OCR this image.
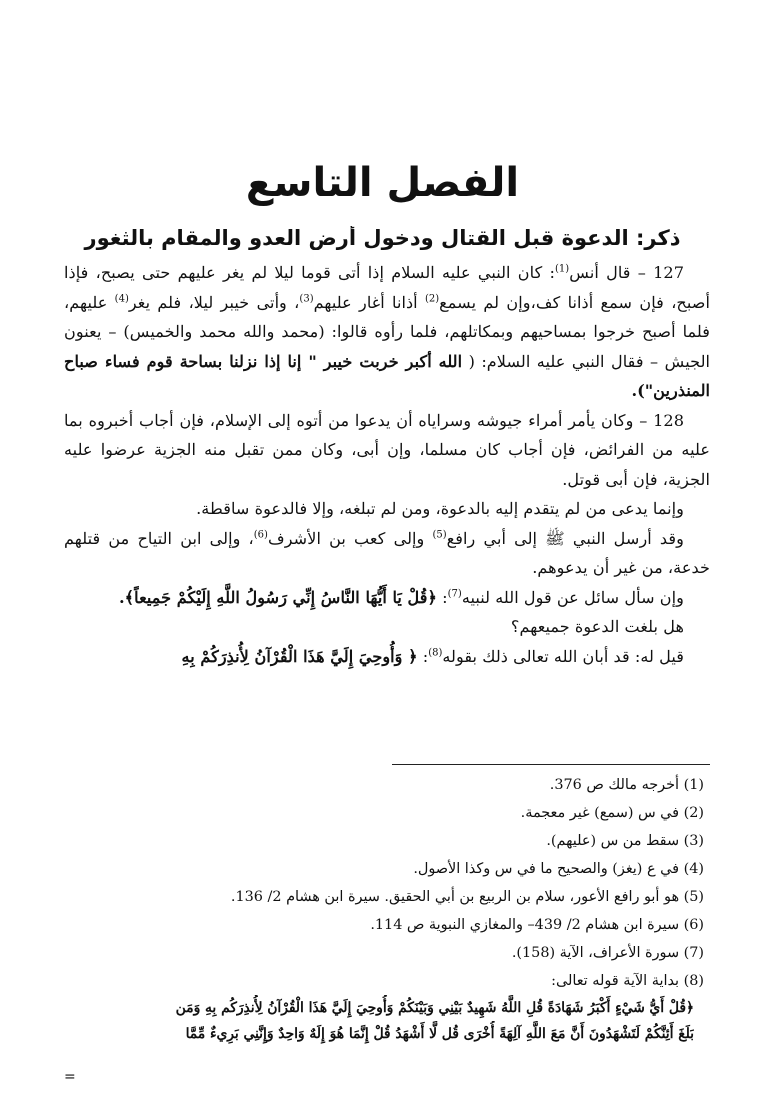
الفصل التاسع
ذكر: الدعوة قبل القتال ودخول أرض العدو والمقام بالثغور

127 – قال أنس$^{(1)}$: كان النبي عليه السلام إذا أتى قوما ليلا لم يغر عليهم حتى يصبح، فإذا أصبح، فإن سمع أذانا كف،وإن لم يسمع$^{(2)}$ أذانا أغار عليهم$^{(3)}$، وأتى خيبر ليلا، فلم يغر$^{(4)}$ عليهم، فلما أصبح خرجوا بمساحيهم وبمكاتلهم، فلما رأوه قالوا: (محمد والله محمد والخميس) – يعنون الجيش – فقال النبي عليه السلام: ( الله أكبر خربت خيبر " إنا إذا نزلنا بساحة قوم فساء صباح المنذرين").

128 – وكان يأمر أمراء جيوشه وسراياه أن يدعوا من أتوه إلى الإسلام، فإن أجاب أخبروه بما عليه من الفرائض، فإن أجاب كان مسلما، وإن أبى، وكان ممن تقبل منه الجزية عرضوا عليه الجزية، فإن أبى قوتل.

وإنما يدعى من لم يتقدم إليه بالدعوة، ومن لم تبلغه، وإلا فالدعوة ساقطة.

وقد أرسل النبي ﷺ إلى أبي رافع$^{(5)}$ وإلى كعب بن الأشرف$^{(6)}$، وإلى ابن التياح من قتلهم خدعة، من غير أن يدعوهم.

وإن سأل سائل عن قول الله لنبيه$^{(7)}$: ﴿قُلْ يَا أَيُّهَا النَّاسُ إِنِّي رَسُولُ اللَّهِ إِلَيْكُمْ جَمِيعاً﴾.

هل بلغت الدعوة جميعهم؟

قيل له: قد أبان الله تعالى ذلك بقوله$^{(8)}$: ﴿ وَأُوحِيَ إِلَيَّ هَذَا الْقُرْآنُ لِأُنذِرَكُمْ بِهِ

(1) أخرجه مالك ص 376.
(2) في س (سمع) غير معجمة.
(3) سقط من س (عليهم).
(4) في ع (يغز) والصحيح ما في س وكذا الأصول.
(5) هو أبو رافع الأعور، سلام بن الربيع بن أبي الحقيق. سيرة ابن هشام 2/ 136.
(6) سيرة ابن هشام 2/ 439– والمغازي النبوية ص 114.
(7) سورة الأعراف، الآية (158).
(8) بداية الآية قوله تعالى:
﴿قُلْ أَيُّ شَيْءٍ أَكْبَرُ شَهَادَةً قُلِ اللَّهُ شَهِيدٌ بَيْنِي وَبَيْنَكُمْ وَأُوحِيَ إِلَيَّ هَذَا الْقُرْآنُ لِأُنذِرَكُم بِهِ وَمَن
بَلَغَ أَئِنَّكُمْ لَتَشْهَدُونَ أَنَّ مَعَ اللَّهِ آلِهَةً أُخْرَى قُل لَّا أَشْهَدُ قُلْ إِنَّمَا هُوَ إِلَهٌ وَاحِدٌ وَإِنَّنِي بَرِيءٌ مِّمَّا
=
